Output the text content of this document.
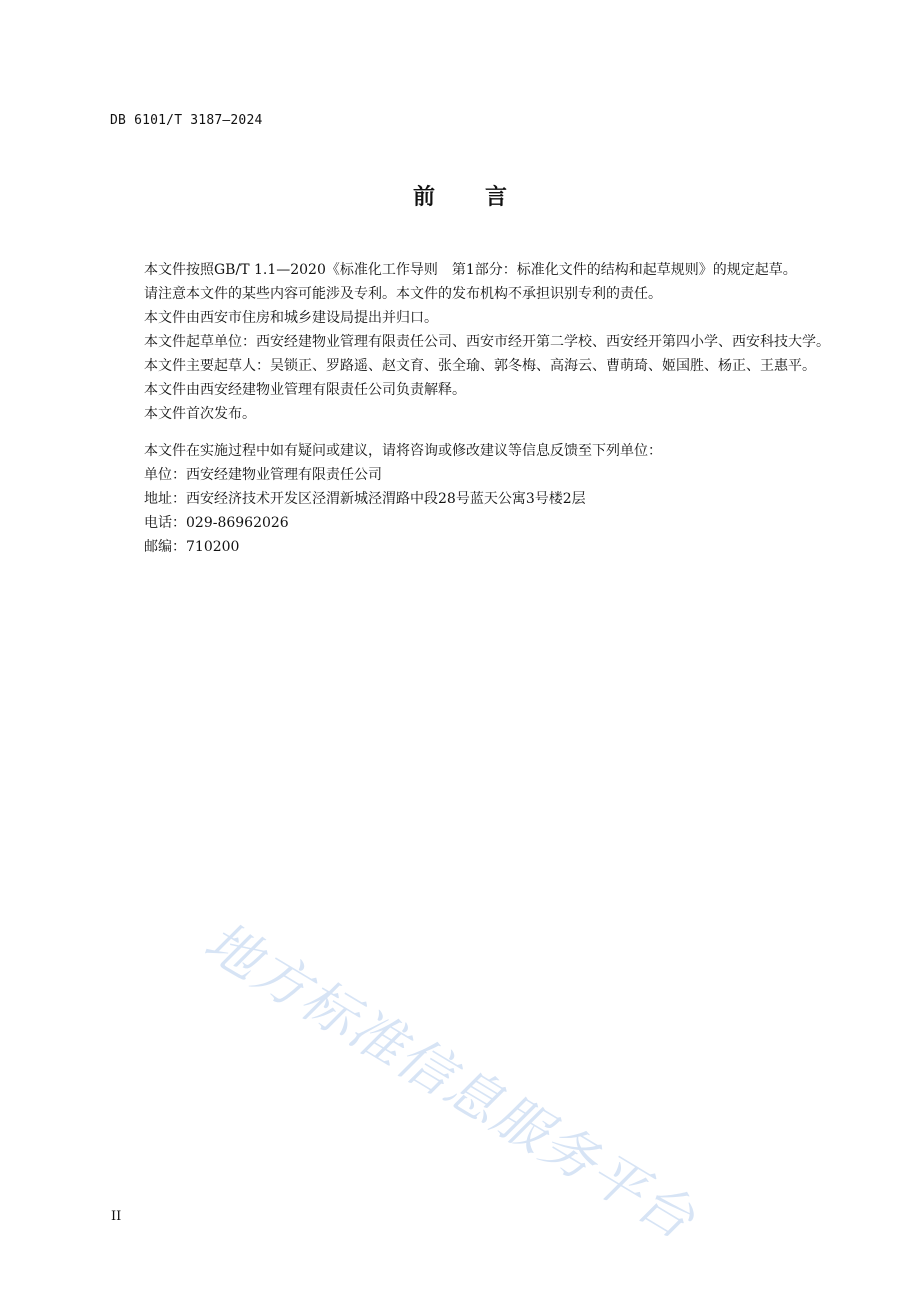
DB 6101/T 3187—2024
前 言

本文件按照GB/T 1.1—2020《标准化工作导则　第1部分：标准化文件的结构和起草规则》的规定起草。

请注意本文件的某些内容可能涉及专利。本文件的发布机构不承担识别专利的责任。

本文件由西安市住房和城乡建设局提出并归口。

本文件起草单位：西安经建物业管理有限责任公司、西安市经开第二学校、西安经开第四小学、西安科技大学。

本文件主要起草人：吴锁正、罗路遥、赵文育、张全瑜、郭冬梅、高海云、曹萌琦、姬国胜、杨正、王惠平。

本文件由西安经建物业管理有限责任公司负责解释。

本文件首次发布。

本文件在实施过程中如有疑问或建议，请将咨询或修改建议等信息反馈至下列单位：

单位：西安经建物业管理有限责任公司

地址：西安经济技术开发区泾渭新城泾渭路中段28号蓝天公寓3号楼2层

电话：029-86962026

邮编：710200

地方标准信息服务平台
II
